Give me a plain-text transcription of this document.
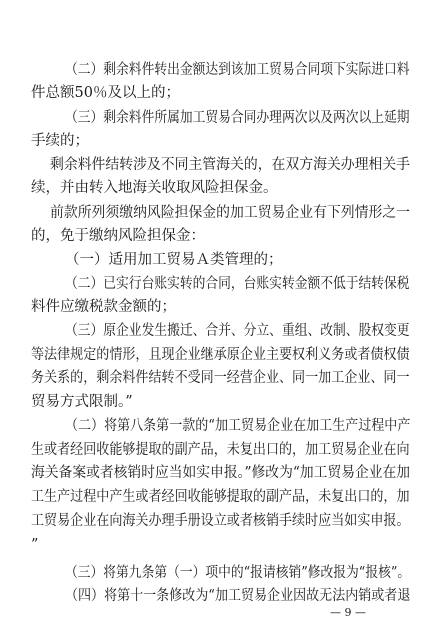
（二）剩余料件转出金额达到该加工贸易合同项下实际进口料
件总额50％及以上的；
（三）剩余料件所属加工贸易合同办理两次以及两次以上延期
手续的；
剩余料件结转涉及不同主管海关的，在双方海关办理相关手
续，并由转入地海关收取风险担保金。
前款所列须缴纳风险担保金的加工贸易企业有下列情形之一
的，免于缴纳风险担保金：
（一）适用加工贸易Ａ类管理的；
（二）已实行台账实转的合同，台账实转金额不低于结转保税
料件应缴税款金额的；
（三）原企业发生搬迁、合并、分立、重组、改制、股权变更
等法律规定的情形，且现企业继承原企业主要权利义务或者债权债
务关系的，剩余料件结转不受同一经营企业、同一加工企业、同一
贸易方式限制。”
（二）将第八条第一款的“加工贸易企业在加工生产过程中产
生或者经回收能够提取的副产品，未复出口的，加工贸易企业在向
海关备案或者核销时应当如实申报。”修改为“加工贸易企业在加
工生产过程中产生或者经回收能够提取的副产品，未复出口的，加
工贸易企业在向海关办理手册设立或者核销手续时应当如实申报。
”
（三）将第九条第（一）项中的“报请核销”修改报为“报核”。
（四）将第十一条修改为“加工贸易企业因故无法内销或者退
— 9 —
